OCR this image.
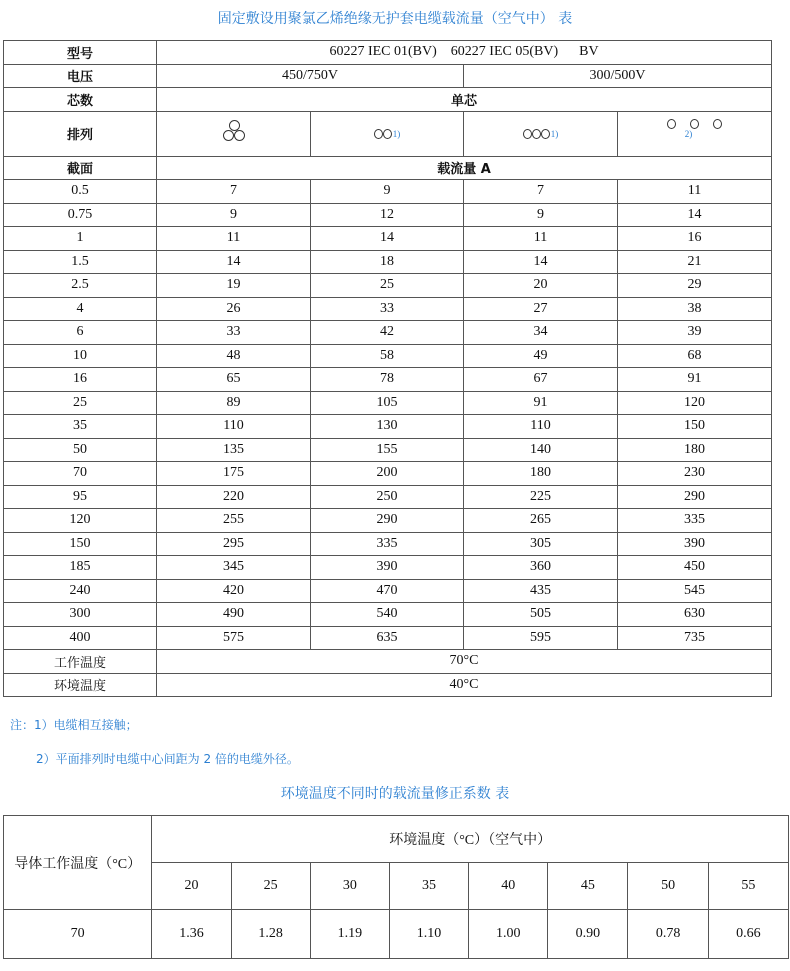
固定敷设用聚氯乙烯绝缘无护套电缆载流量（空气中） 表
型号	60227 IEC 01(BV)    60227 IEC 05(BV)      BV			
电压	450/750V		300/500V	
芯数	单芯			
排列		1)	1)	$^{2)}$
截面	载流量 A			
0.5	7	9	7	11
0.75	9	12	9	14
1	11	14	11	16
1.5	14	18	14	21
2.5	19	25	20	29
4	26	33	27	38
6	33	42	34	39
10	48	58	49	68
16	65	78	67	91
25	89	105	91	120
35	110	130	110	150
50	135	155	140	180
70	175	200	180	230
95	220	250	225	290
120	255	290	265	335
150	295	335	305	390
185	345	390	360	450
240	420	470	435	545
300	490	540	505	630
400	575	635	595	735
工作温度	70°C			
环境温度	40°C			
注：1）电缆相互接触；
2）平面排列时电缆中心间距为 2 倍的电缆外径。
环境温度不同时的载流量修正系数 表
导体工作温度（°C）	环境温度（°C）（空气中）							
	20	25	30	35	40	45	50	55
70	1.36	1.28	1.19	1.10	1.00	0.90	0.78	0.66
